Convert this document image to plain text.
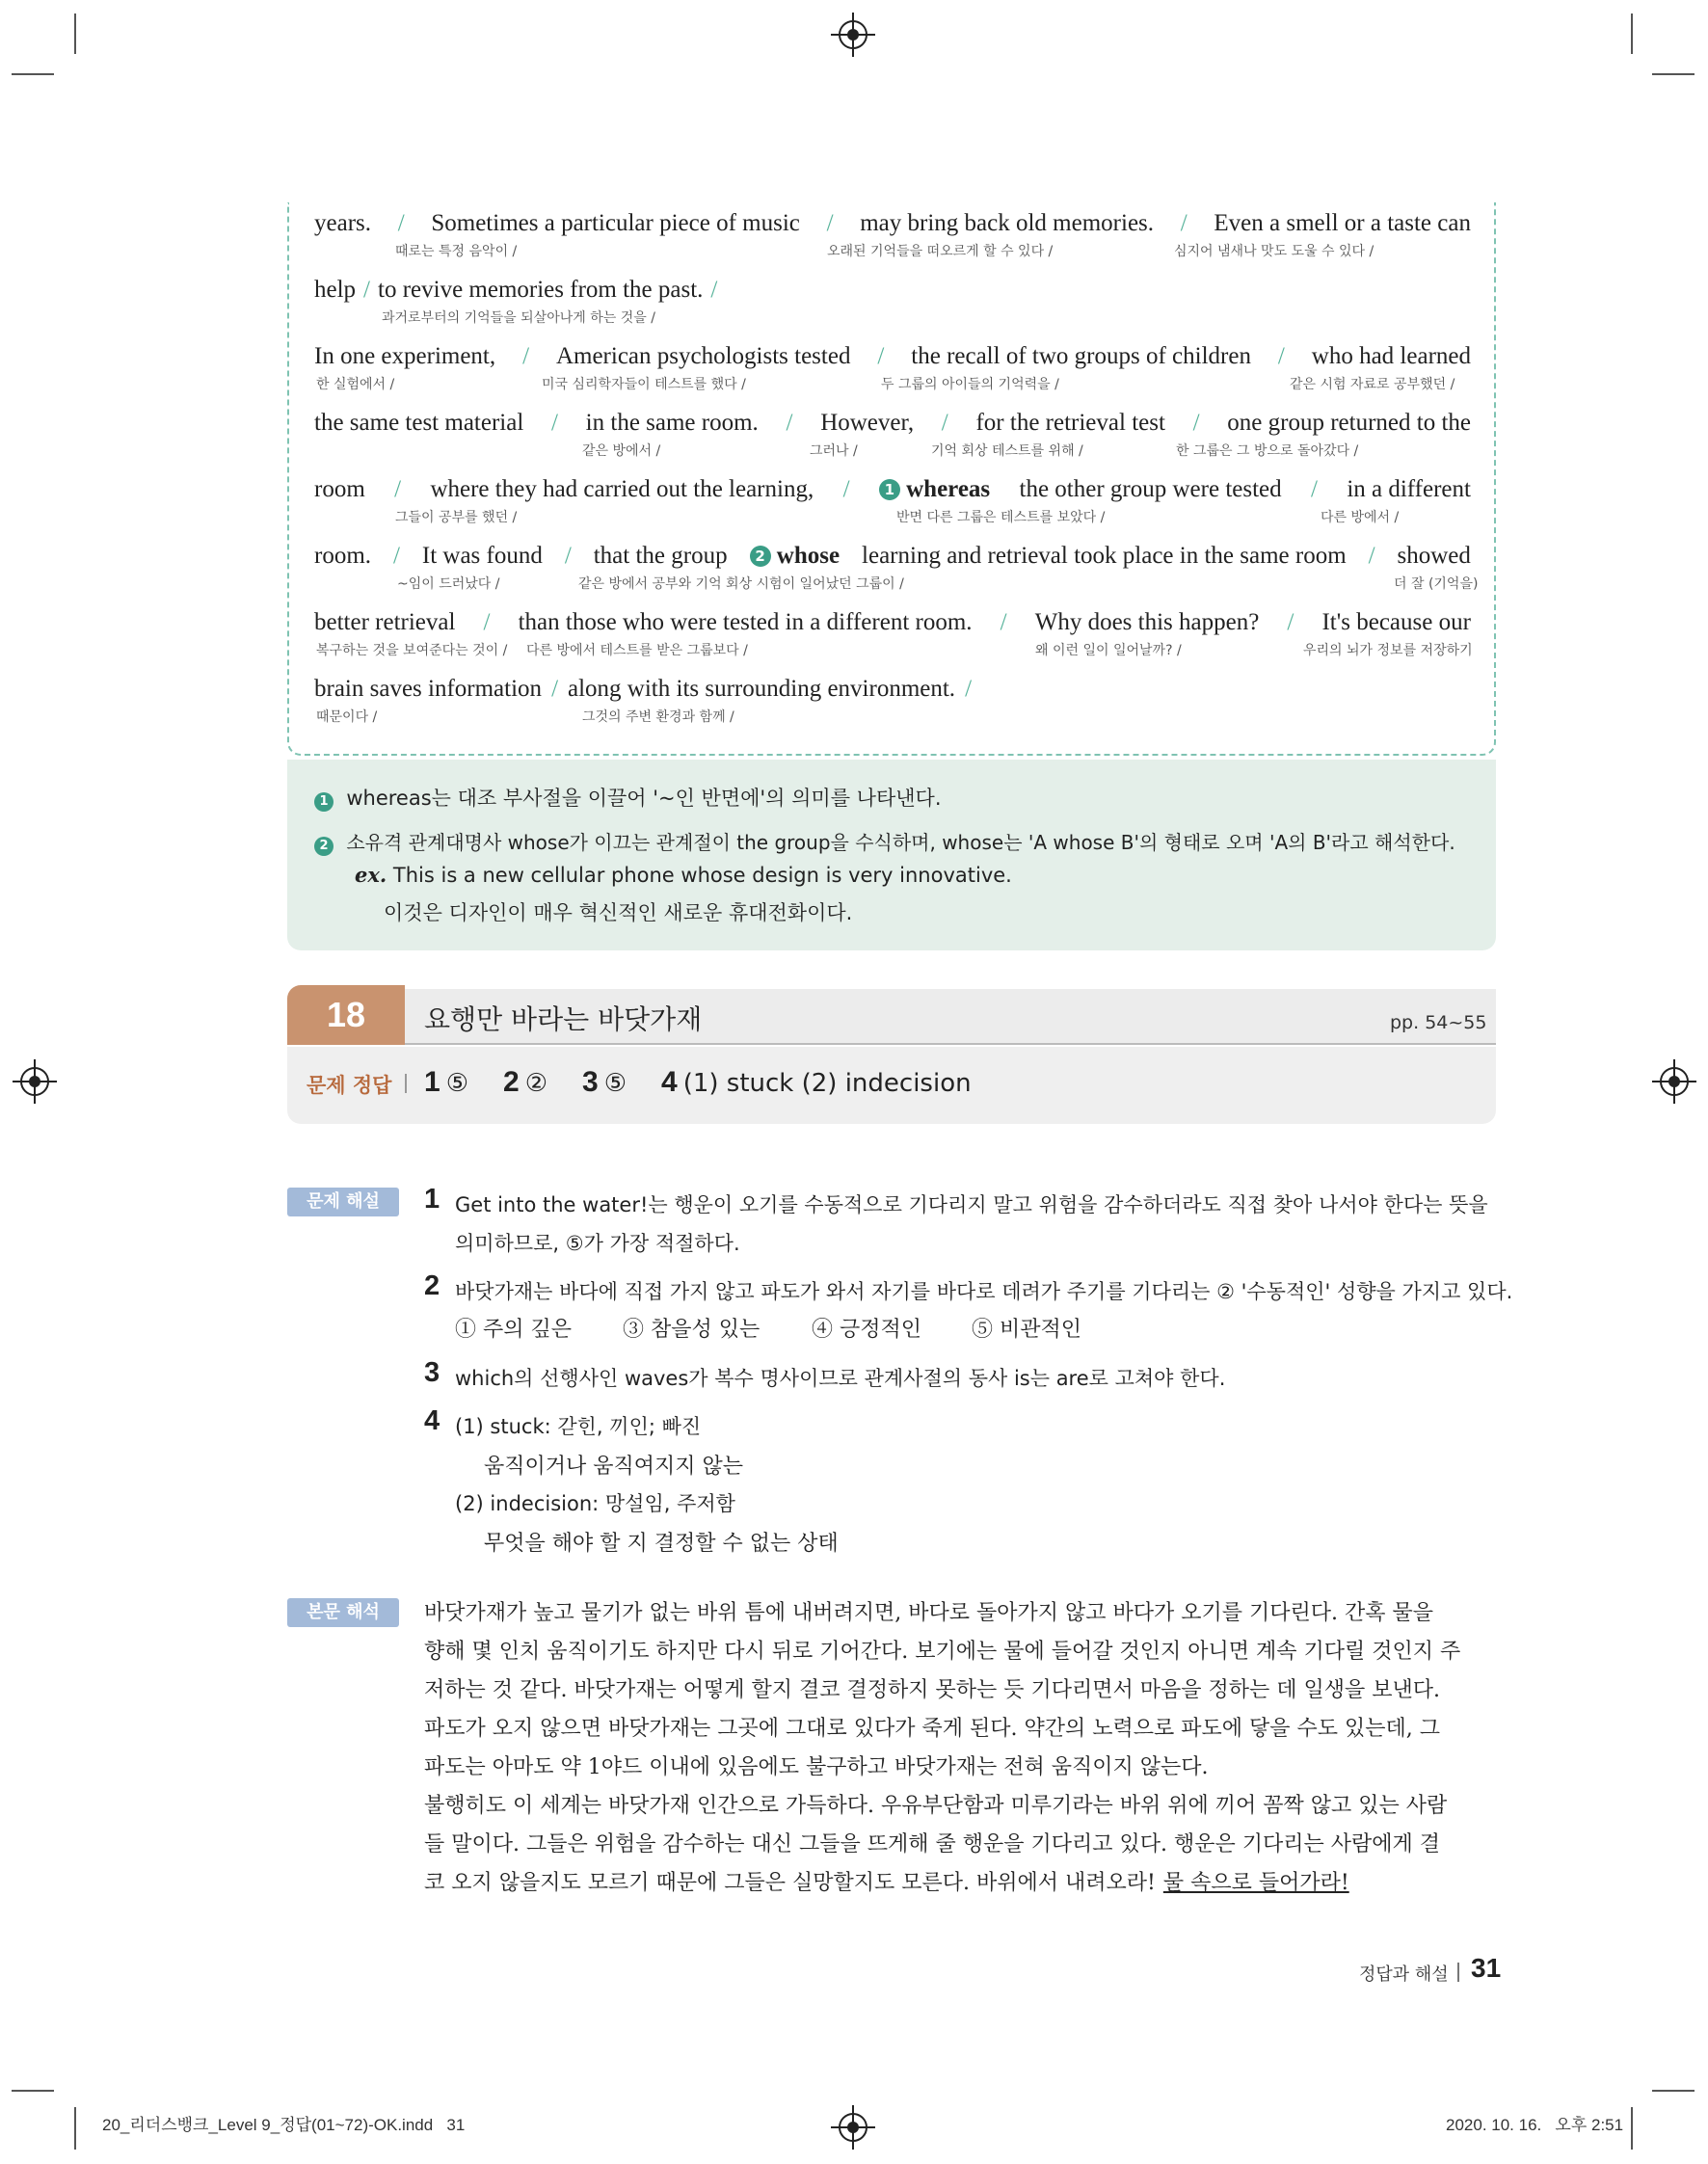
years. / Sometimes a particular piece of music / may bring back old memories. / Even a smell or a taste can
때로는 특정 음악이 /	오래된 기억들을 떠오르게 할 수 있다 /	심지어 냄새나 맛도 도울 수 있다 /
help / to revive memories from the past. /
과거로부터의 기억들을 되살아나게 하는 것을 /
In one experiment, / American psychologists tested / the recall of two groups of children / who had learned
한 실험에서 /	미국 심리학자들이 테스트를 했다 /	두 그룹의 아이들의 기억력을 /	같은 시험 자료로 공부했던 /
the same test material / in the same room. / However, / for the retrieval test / one group returned to the
같은 방에서 /	그러나 /	기억 회상 테스트를 위해 /	한 그룹은 그 방으로 돌아갔다 /
room / where they had carried out the learning, /	1 whereas the other group were tested / in a different
그들이 공부를 했던 /	반면 다른 그룹은 테스트를 보았다 /	다른 방에서 /
room. / It was found / that the group	2 whose learning and retrieval took place in the same room / showed
~임이 드러났다 /	같은 방에서 공부와 기억 회상 시험이 일어났던 그룹이 /	더 잘 (기억을)
better retrieval / than those who were tested in a different room. / Why does this happen? / It's because our
복구하는 것을 보여준다는 것이 / 다른 방에서 테스트를 받은 그룹보다 /	왜 이런 일이 일어날까? /	우리의 뇌가 정보를 저장하기
brain saves information / along with its surrounding environment. /
때문이다 /	그것의 주변 환경과 함께 /
1 whereas는 대조 부사절을 이끌어 '~인 반면에'의 의미를 나타낸다.
2 소유격 관계대명사 whose가 이끄는 관계절이 the group을 수식하며, whose는 'A whose B'의 형태로 오며 'A의 B'라고 해석한다.
ex. This is a new cellular phone whose design is very innovative.
이것은 디자인이 매우 혁신적인 새로운 휴대전화이다.
18	요행만 바라는 바닷가재	pp. 54~55
문제 정답 1 ⑤ 2 ② 3 ⑤ 4 (1) stuck (2) indecision
문제 해설	1 Get into the water!는 행운이 오기를 수동적으로 기다리지 말고 위험을 감수하더라도 직접 찾아 나서야 한다는 뜻을
의미하므로, ⑤가 가장 적절하다.
2 바닷가재는 바다에 직접 가지 않고 파도가 와서 자기를 바다로 데려가 주기를 기다리는 ② '수동적인' 성향을 가지고 있다.
① 주의 깊은 ③ 참을성 있는 ④ 긍정적인 ⑤ 비관적인
3 which의 선행사인 waves가 복수 명사이므로 관계사절의 동사 is는 are로 고쳐야 한다.
4 (1) stuck: 갇힌, 끼인; 빠진
움직이거나 움직여지지 않는
(2) indecision: 망설임, 주저함
무엇을 해야 할 지 결정할 수 없는 상태
본문 해석	바닷가재가 높고 물기가 없는 바위 틈에 내버려지면, 바다로 돌아가지 않고 바다가 오기를 기다린다. 간혹 물을
향해 몇 인치 움직이기도 하지만 다시 뒤로 기어간다. 보기에는 물에 들어갈 것인지 아니면 계속 기다릴 것인지 주
저하는 것 같다. 바닷가재는 어떻게 할지 결코 결정하지 못하는 듯 기다리면서 마음을 정하는 데 일생을 보낸다.
파도가 오지 않으면 바닷가재는 그곳에 그대로 있다가 죽게 된다. 약간의 노력으로 파도에 닿을 수도 있는데, 그
파도는 아마도 약 1야드 이내에 있음에도 불구하고 바닷가재는 전혀 움직이지 않는다.
불행히도 이 세계는 바닷가재 인간으로 가득하다. 우유부단함과 미루기라는 바위 위에 끼어 꼼짝 않고 있는 사람
들 말이다. 그들은 위험을 감수하는 대신 그들을 뜨게해 줄 행운을 기다리고 있다. 행운은 기다리는 사람에게 결
코 오지 않을지도 모르기 때문에 그들은 실망할지도 모른다. 바위에서 내려오라! 물 속으로 들어가라!
정답과 해설 31
20_리더스뱅크_Level 9_정답(01~72)-OK.indd   31	2020. 10. 16.   오후 2:51
